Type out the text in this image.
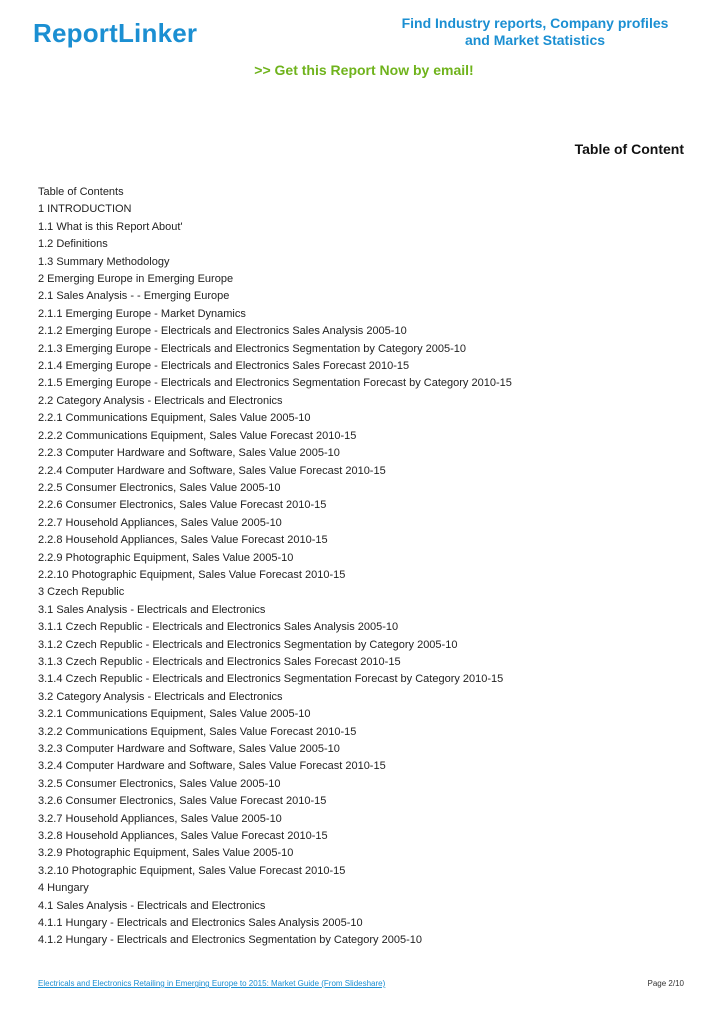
ReportLinker	Find Industry reports, Company profiles
and Market Statistics
>> Get this Report Now by email!
Table of Content
Table of Contents
1 INTRODUCTION
1.1 What is this Report About'
1.2 Definitions
1.3 Summary Methodology
2 Emerging Europe in Emerging Europe
2.1 Sales Analysis - - Emerging Europe
2.1.1 Emerging Europe - Market Dynamics
2.1.2 Emerging Europe - Electricals and Electronics Sales Analysis 2005-10
2.1.3 Emerging Europe - Electricals and Electronics Segmentation by Category 2005-10
2.1.4 Emerging Europe - Electricals and Electronics Sales Forecast 2010-15
2.1.5 Emerging Europe - Electricals and Electronics Segmentation Forecast by Category 2010-15
2.2 Category Analysis - Electricals and Electronics
2.2.1 Communications Equipment, Sales Value 2005-10
2.2.2 Communications Equipment, Sales Value Forecast 2010-15
2.2.3 Computer Hardware and Software, Sales Value 2005-10
2.2.4 Computer Hardware and Software, Sales Value Forecast 2010-15
2.2.5 Consumer Electronics, Sales Value 2005-10
2.2.6 Consumer Electronics, Sales Value Forecast 2010-15
2.2.7 Household Appliances, Sales Value 2005-10
2.2.8 Household Appliances, Sales Value Forecast 2010-15
2.2.9 Photographic Equipment, Sales Value 2005-10
2.2.10 Photographic Equipment, Sales Value Forecast 2010-15
3 Czech Republic
3.1 Sales Analysis - Electricals and Electronics
3.1.1 Czech Republic - Electricals and Electronics Sales Analysis 2005-10
3.1.2 Czech Republic - Electricals and Electronics Segmentation by Category 2005-10
3.1.3 Czech Republic - Electricals and Electronics Sales Forecast 2010-15
3.1.4 Czech Republic - Electricals and Electronics Segmentation Forecast by Category 2010-15
3.2 Category Analysis - Electricals and Electronics
3.2.1 Communications Equipment, Sales Value 2005-10
3.2.2 Communications Equipment, Sales Value Forecast 2010-15
3.2.3 Computer Hardware and Software, Sales Value 2005-10
3.2.4 Computer Hardware and Software, Sales Value Forecast 2010-15
3.2.5 Consumer Electronics, Sales Value 2005-10
3.2.6 Consumer Electronics, Sales Value Forecast 2010-15
3.2.7 Household Appliances, Sales Value 2005-10
3.2.8 Household Appliances, Sales Value Forecast 2010-15
3.2.9 Photographic Equipment, Sales Value 2005-10
3.2.10 Photographic Equipment, Sales Value Forecast 2010-15
4 Hungary
4.1 Sales Analysis - Electricals and Electronics
4.1.1 Hungary - Electricals and Electronics Sales Analysis 2005-10
4.1.2 Hungary - Electricals and Electronics Segmentation by Category 2005-10
Electricals and Electronics Retailing in Emerging Europe to 2015: Market Guide (From Slideshare)	Page 2/10
